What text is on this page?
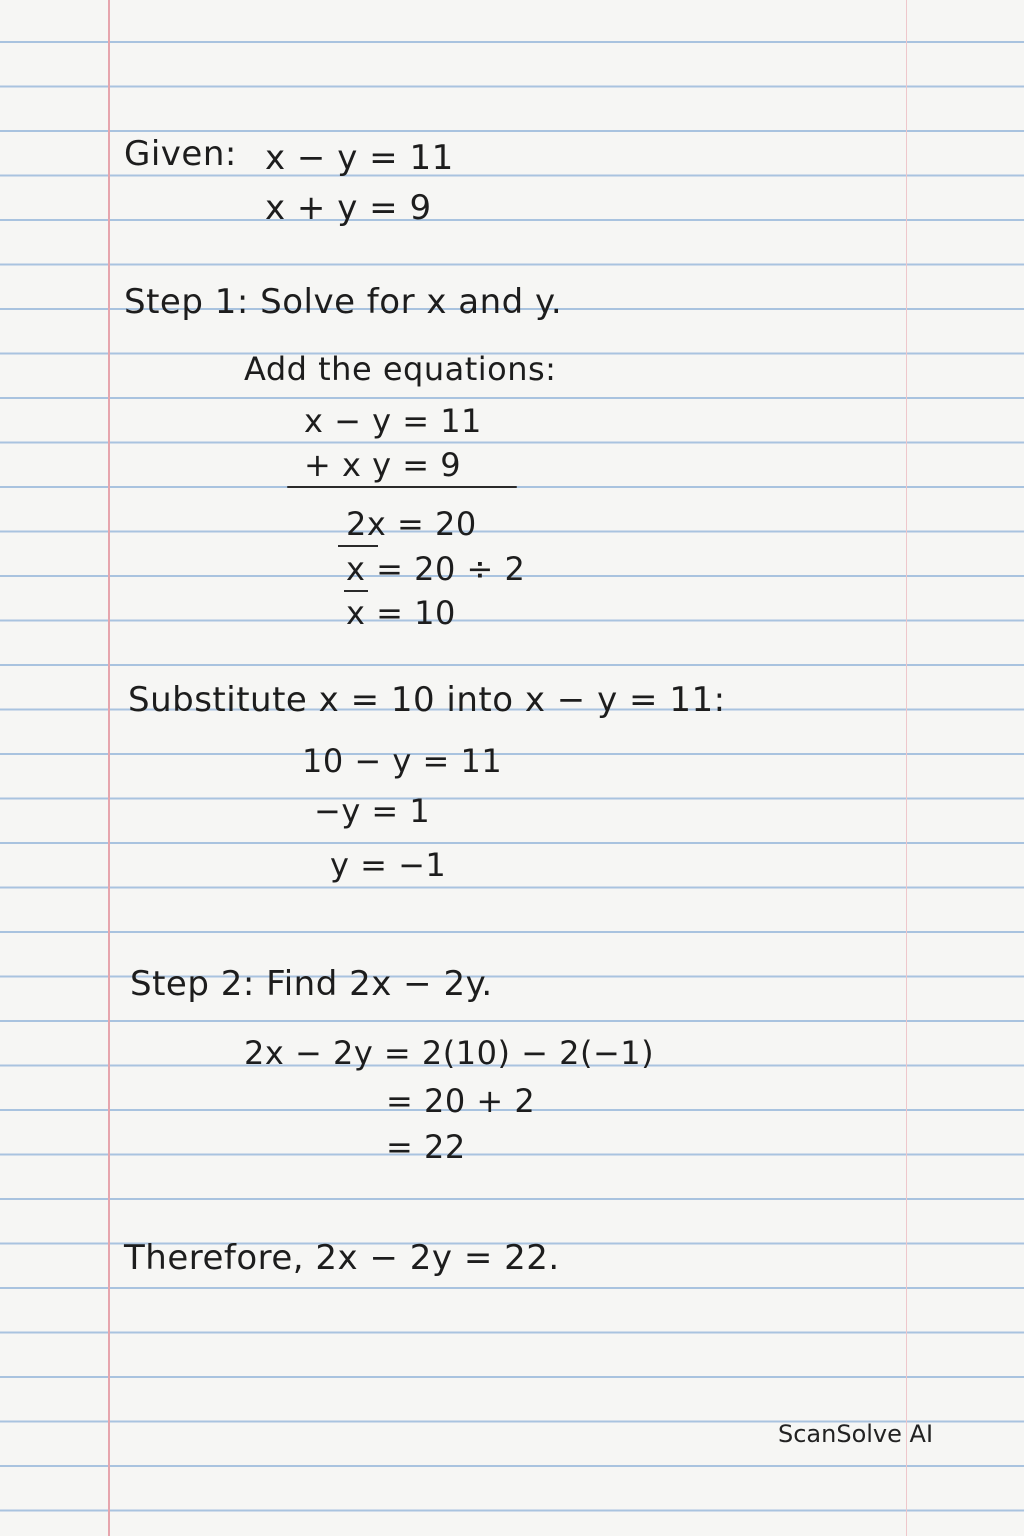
Given: x − y = 11
x + y = 9
Step 1: Solve for x and y.
Add the equations:
x − y = 11
+ x y = 9
2x = 20
x = 20 ÷ 2
x = 10
Substitute x = 10 into x − y = 11:
10 − y = 11
−y = 1
y = −1
Step 2: Find 2x − 2y.
2x − 2y = 2(10) − 2(−1)
= 20 + 2
= 22
Therefore, 2x − 2y = 22.
ScanSolve AI
